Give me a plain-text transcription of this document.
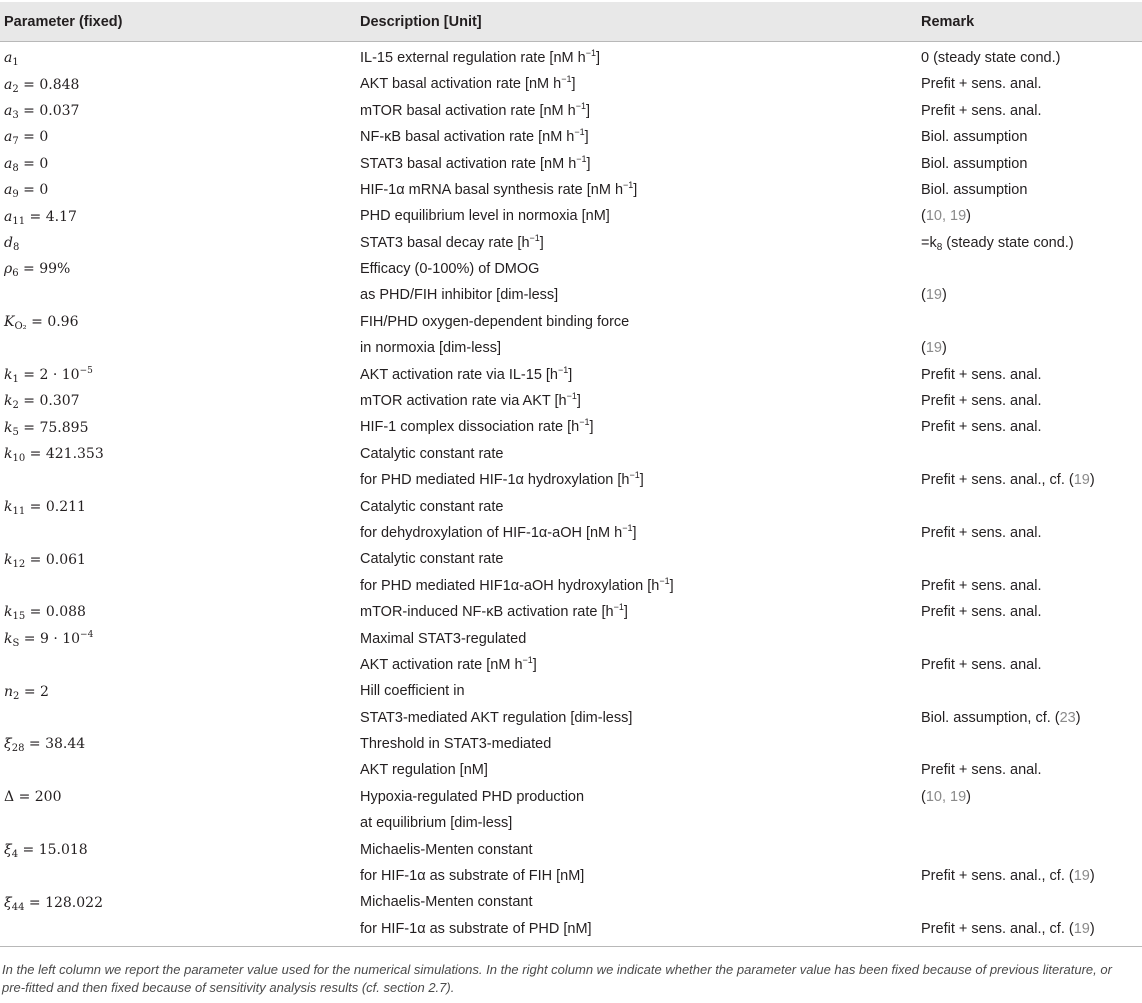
Parameter (fixed)	Description [Unit]	Remark
$a_1$	IL-15 external regulation rate [nM $h^{-1}$]	0 (steady state cond.)
$a_2 = 0.848$	AKT basal activation rate [nM $h^{-1}$]	Prefit + sens. anal.
$a_3 = 0.037$	mTOR basal activation rate [nM $h^{-1}$]	Prefit + sens. anal.
$a_7 = 0$	NF-κB basal activation rate [nM $h^{-1}$]	Biol. assumption
$a_8 = 0$	STAT3 basal activation rate [nM $h^{-1}$]	Biol. assumption
$a_9 = 0$	HIF-1α mRNA basal synthesis rate [nM $h^{-1}$]	Biol. assumption
$a_{11} = 4.17$	PHD equilibrium level in normoxia [nM]	(10, 19)
$d_8$	STAT3 basal decay rate $[h^{-1}]$	$=k_8$ (steady state cond.)
$\rho_6 = 99\%$	Efficacy (0-100%) of DMOG	
	as PHD/FIH inhibitor [dim-less]	(19)
$K_{O_2} = 0.96$	FIH/PHD oxygen-dependent binding force	
	in normoxia [dim-less]	(19)
$k_1 = 2 \cdot 10^{-5}$	AKT activation rate via IL-15 $[h^{-1}]$	Prefit + sens. anal.
$k_2 = 0.307$	mTOR activation rate via AKT $[h^{-1}]$	Prefit + sens. anal.
$k_5 = 75.895$	HIF-1 complex dissociation rate $[h^{-1}]$	Prefit + sens. anal.
$k_{10} = 421.353$	Catalytic constant rate	
	for PHD mediated HIF-1α hydroxylation $[h^{-1}]$	Prefit + sens. anal., cf. (19)
$k_{11} = 0.211$	Catalytic constant rate	
	for dehydroxylation of HIF-1α-aOH [nM $h^{-1}$]	Prefit + sens. anal.
$k_{12} = 0.061$	Catalytic constant rate	
	for PHD mediated HIF1α-aOH hydroxylation $[h^{-1}]$	Prefit + sens. anal.
$k_{15} = 0.088$	mTOR-induced NF-κB activation rate $[h^{-1}]$	Prefit + sens. anal.
$k_S = 9 \cdot 10^{-4}$	Maximal STAT3-regulated	
	AKT activation rate [nM $h^{-1}$]	Prefit + sens. anal.
$n_2 = 2$	Hill coefficient in	
	STAT3-mediated AKT regulation [dim-less]	Biol. assumption, cf. (23)
$\xi_{28} = 38.44$	Threshold in STAT3-mediated	
	AKT regulation [nM]	Prefit + sens. anal.
Δ = 200	Hypoxia-regulated PHD production	(10, 19)
	at equilibrium [dim-less]	
$\xi_4 = 15.018$	Michaelis-Menten constant	
	for HIF-1α as substrate of FIH [nM]	Prefit + sens. anal., cf. (19)
$\xi_{44} = 128.022$	Michaelis-Menten constant	
	for HIF-1α as substrate of PHD [nM]	Prefit + sens. anal., cf. (19)
In the left column we report the parameter value used for the numerical simulations. In the right column we indicate whether the parameter value has been fixed because of previous literature, or pre-fitted and then fixed because of sensitivity analysis results (cf. section 2.7).
